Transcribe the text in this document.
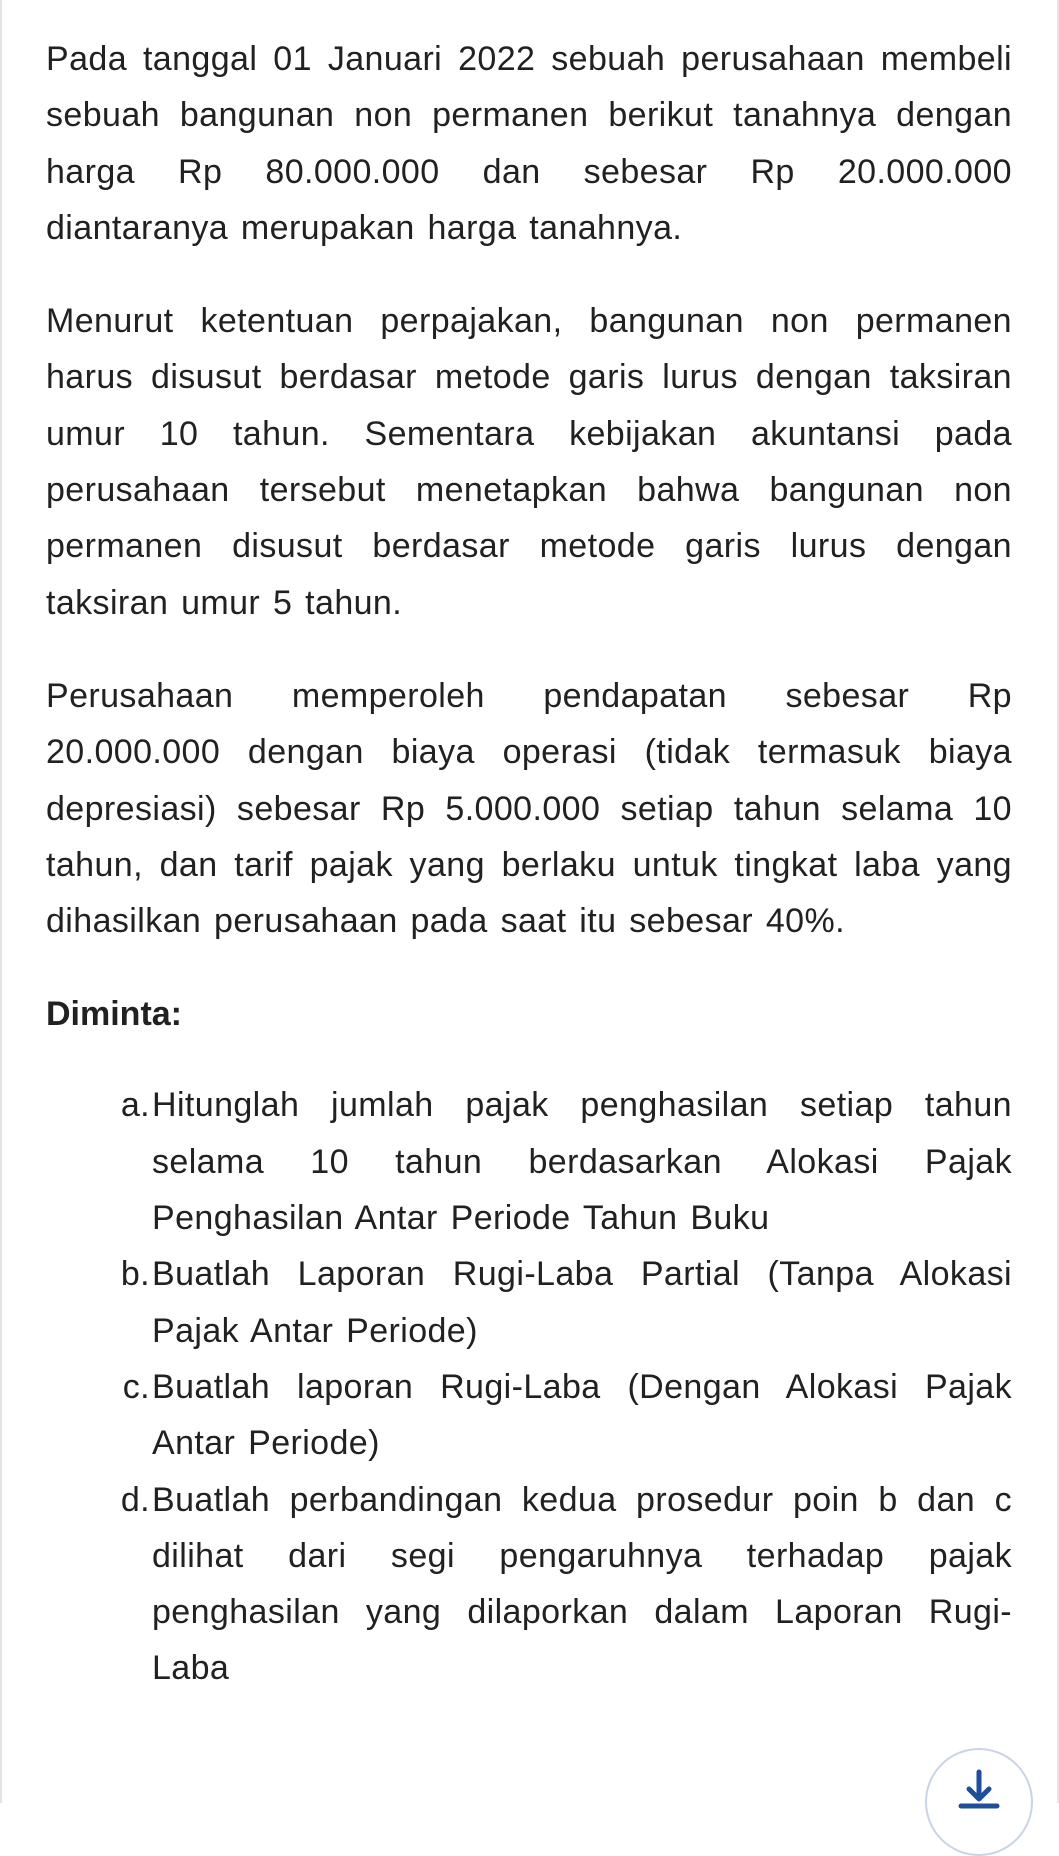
Pada tanggal 01 Januari 2022 sebuah perusahaan membeli sebuah bangunan non permanen berikut tanahnya dengan harga Rp 80.000.000 dan sebesar Rp 20.000.000 diantaranya merupakan harga tanahnya.

Menurut ketentuan perpajakan, bangunan non permanen harus disusut berdasar metode garis lurus dengan taksiran umur 10 tahun. Sementara kebijakan akuntansi pada perusahaan tersebut menetapkan bahwa bangunan non permanen disusut berdasar metode garis lurus dengan taksiran umur 5 tahun.

Perusahaan memperoleh pendapatan sebesar Rp 20.000.000 dengan biaya operasi (tidak termasuk biaya depresiasi) sebesar Rp 5.000.000 setiap tahun selama 10 tahun, dan tarif pajak yang berlaku untuk tingkat laba yang dihasilkan perusahaan pada saat itu sebesar 40%.

Diminta:
a. Hitunglah jumlah pajak penghasilan setiap tahun selama 10 tahun berdasarkan Alokasi Pajak Penghasilan Antar Periode Tahun Buku
b. Buatlah Laporan Rugi-Laba Partial (Tanpa Alokasi Pajak Antar Periode)
c. Buatlah laporan Rugi-Laba (Dengan Alokasi Pajak Antar Periode)
d. Buatlah perbandingan kedua prosedur poin b dan c dilihat dari segi pengaruhnya terhadap pajak penghasilan yang dilaporkan dalam Laporan Rugi-Laba
